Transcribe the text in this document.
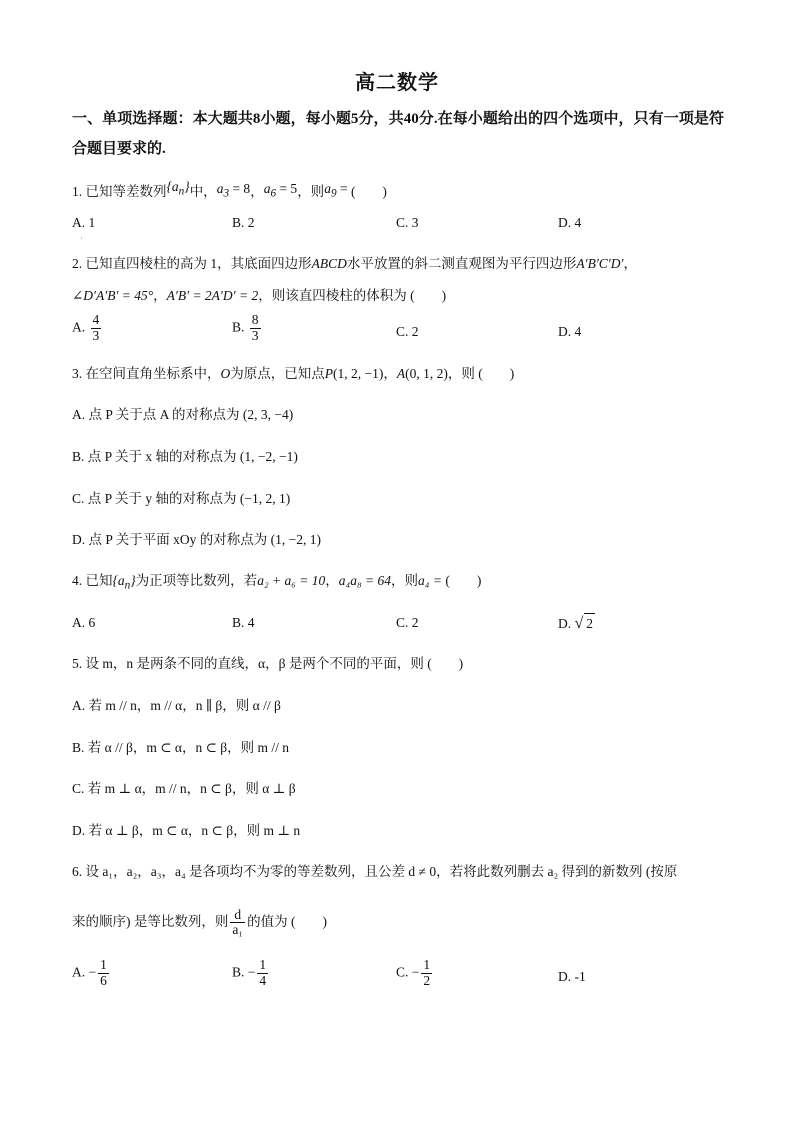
高二数学
一、单项选择题：本大题共8小题，每小题5分，共40分.在每小题给出的四个选项中，只有一项是符合题目要求的.
1. 已知等差数列$\{a_n\}$中，$a_3 = 8$，$a_6 = 5$，则$a_9$ = (　　)
A. 1
·
B. 2	C. 3	D. 4
2. 已知直四棱柱的高为 1，其底面四边形ABCD水平放置的斜二测直观图为平行四边形A′B′C′D′，
∠D′A′B′ = 45°，A′B′ = 2A′D′ = 2，则该直四棱柱的体积为 (　　)
A. $\frac{4}{3}$	B. $\frac{8}{3}$	C. 2	D. 4
3. 在空间直角坐标系中，O为原点，已知点P(1, 2, −1)，A(0, 1, 2)，则 (　　)
A. 点 P 关于点 A 的对称点为 (2, 3, −4)
B. 点 P 关于 x 轴的对称点为 (1, −2, −1)
C. 点 P 关于 y 轴的对称点为 (−1, 2, 1)
D. 点 P 关于平面 xOy 的对称点为 (1, −2, 1)
4. 已知$\{a_n\}$为正项等比数列，若a₂ + a₆ = 10，a₄a₈ = 64，则a₄ = (　　)
A. 6	B. 4	C. 2	D. √ 2
5. 设 m，n 是两条不同的直线，α，β 是两个不同的平面，则 (　　)
A. 若 m // n，m // α，n ∥ β，则 α // β
B. 若 α // β，m ⊂ α，n ⊂ β，则 m // n
C. 若 m ⊥ α，m // n，n ⊂ β，则 α ⊥ β
D. 若 α ⊥ β，m ⊂ α，n ⊂ β，则 m ⊥ n
6. 设 a₁，a₂，a₃，a₄ 是各项均不为零的等差数列，且公差 d ≠ 0，若将此数列删去 a₂ 得到的新数列 (按原
来的顺序) 是等比数列，则 $\frac{d}{\text{a₁}}$ 的值为 (　　)
A. − $\frac{1}{6}$	B. − $\frac{1}{4}$	C. − $\frac{1}{2}$	D. -1
